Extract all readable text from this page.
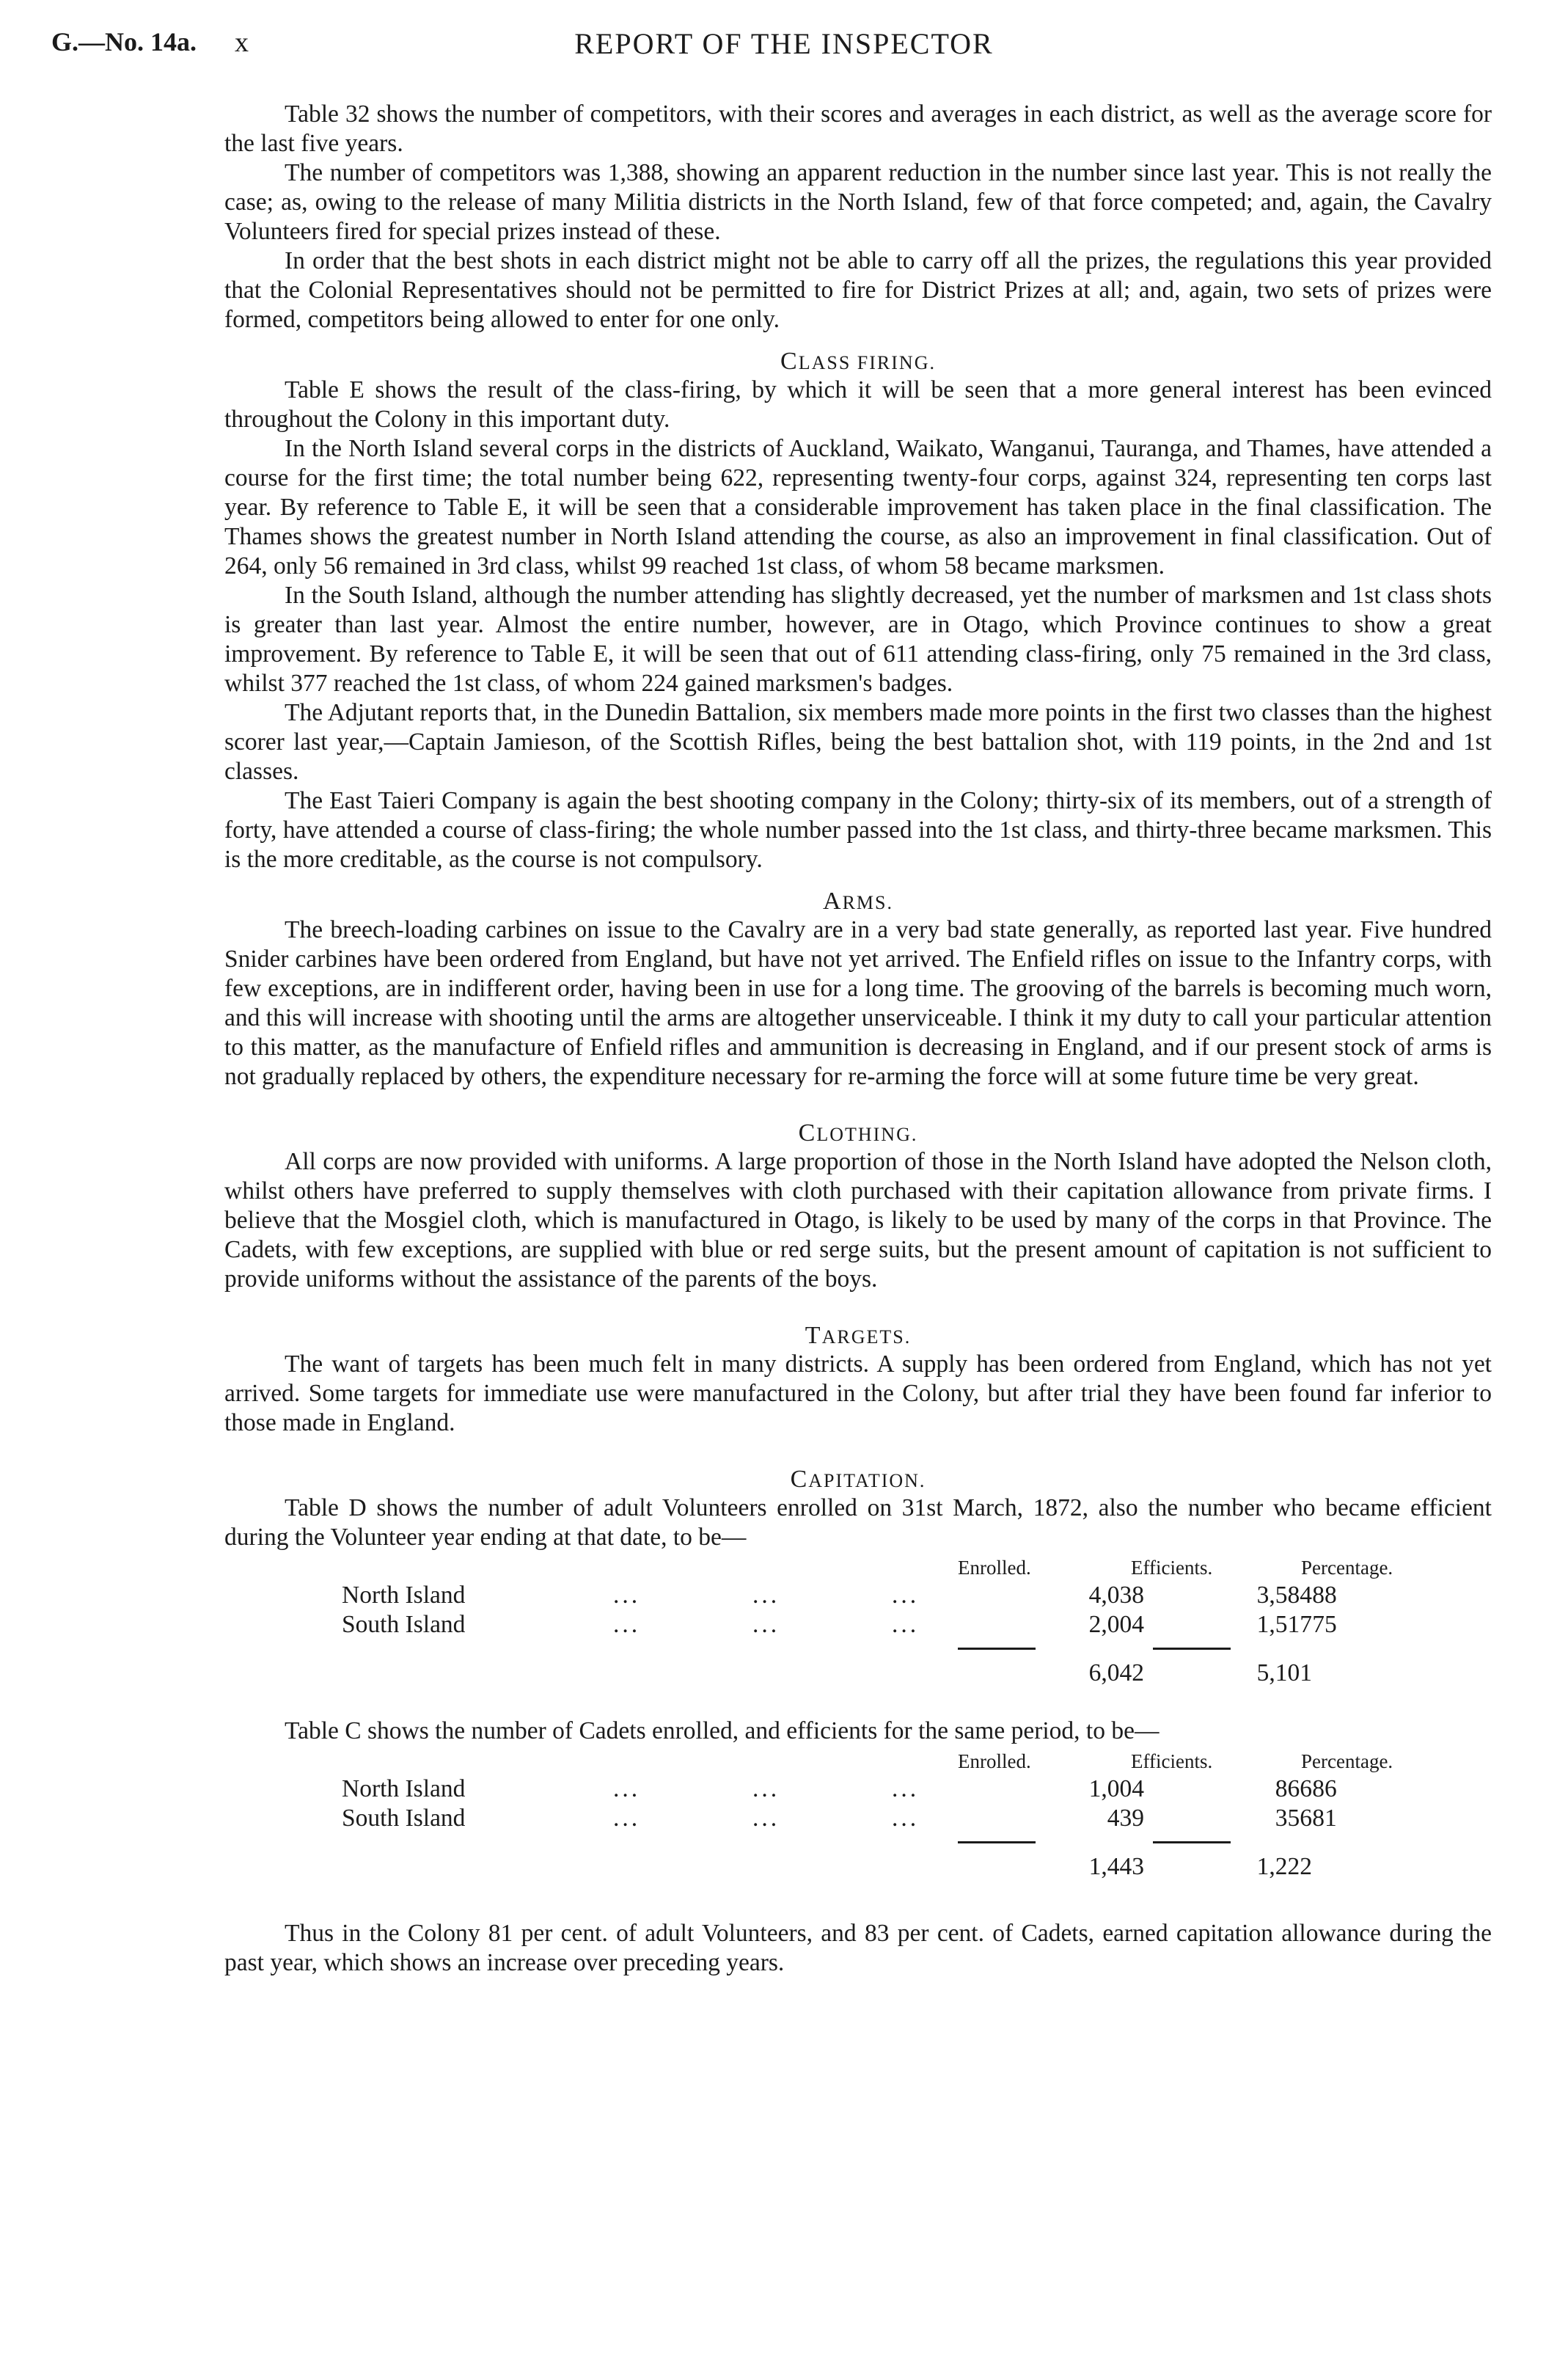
G.—No. 14a. x	REPORT OF THE INSPECTOR

Table 32 shows the number of competitors, with their scores and averages in each district, as well as the average score for the last five years.

The number of competitors was 1,388, showing an apparent reduction in the number since last year. This is not really the case; as, owing to the release of many Militia districts in the North Island, few of that force competed; and, again, the Cavalry Volunteers fired for special prizes instead of these.

In order that the best shots in each district might not be able to carry off all the prizes, the regulations this year provided that the Colonial Representatives should not be permitted to fire for District Prizes at all; and, again, two sets of prizes were formed, competitors being allowed to enter for one only.

CLASS FIRING.

Table E shows the result of the class-firing, by which it will be seen that a more general interest has been evinced throughout the Colony in this important duty.

In the North Island several corps in the districts of Auckland, Waikato, Wanganui, Tauranga, and Thames, have attended a course for the first time; the total number being 622, representing twenty-four corps, against 324, representing ten corps last year. By reference to Table E, it will be seen that a considerable improvement has taken place in the final classification. The Thames shows the greatest number in North Island attending the course, as also an improvement in final classification. Out of 264, only 56 remained in 3rd class, whilst 99 reached 1st class, of whom 58 became marksmen.

In the South Island, although the number attending has slightly decreased, yet the number of marksmen and 1st class shots is greater than last year. Almost the entire number, however, are in Otago, which Province continues to show a great improvement. By reference to Table E, it will be seen that out of 611 attending class-firing, only 75 remained in the 3rd class, whilst 377 reached the 1st class, of whom 224 gained marksmen's badges.

The Adjutant reports that, in the Dunedin Battalion, six members made more points in the first two classes than the highest scorer last year,—Captain Jamieson, of the Scottish Rifles, being the best battalion shot, with 119 points, in the 2nd and 1st classes.

The East Taieri Company is again the best shooting company in the Colony; thirty-six of its members, out of a strength of forty, have attended a course of class-firing; the whole number passed into the 1st class, and thirty-three became marksmen. This is the more creditable, as the course is not compulsory.

ARMS.

The breech-loading carbines on issue to the Cavalry are in a very bad state generally, as reported last year. Five hundred Snider carbines have been ordered from England, but have not yet arrived. The Enfield rifles on issue to the Infantry corps, with few exceptions, are in indifferent order, having been in use for a long time. The grooving of the barrels is becoming much worn, and this will increase with shooting until the arms are altogether unserviceable. I think it my duty to call your particular attention to this matter, as the manufacture of Enfield rifles and ammunition is decreasing in England, and if our present stock of arms is not gradually replaced by others, the expenditure necessary for re-arming the force will at some future time be very great.

CLOTHING.

All corps are now provided with uniforms. A large proportion of those in the North Island have adopted the Nelson cloth, whilst others have preferred to supply themselves with cloth purchased with their capitation allowance from private firms. I believe that the Mosgiel cloth, which is manufactured in Otago, is likely to be used by many of the corps in that Province. The Cadets, with few exceptions, are supplied with blue or red serge suits, but the present amount of capitation is not sufficient to provide uniforms without the assistance of the parents of the boys.

TARGETS.

The want of targets has been much felt in many districts. A supply has been ordered from England, which has not yet arrived. Some targets for immediate use were manufactured in the Colony, but after trial they have been found far inferior to those made in England.

CAPITATION.

Table D shows the number of adult Volunteers enrolled on 31st March, 1872, also the number who became efficient during the Volunteer year ending at that date, to be—

Enrolled.	Efficients.	Percentage.
North Island	...	...	...	4,038	3,584 88
South Island	...	...	...	2,004	1,517 75
6,042	5,101

Table C shows the number of Cadets enrolled, and efficients for the same period, to be—

Enrolled.	Efficients.	Percentage.
North Island	...	...	...	1,004	866 86
South Island	...	...	...	439	356 81
1,443	1,222

Thus in the Colony 81 per cent. of adult Volunteers, and 83 per cent. of Cadets, earned capitation allowance during the past year, which shows an increase over preceding years.
